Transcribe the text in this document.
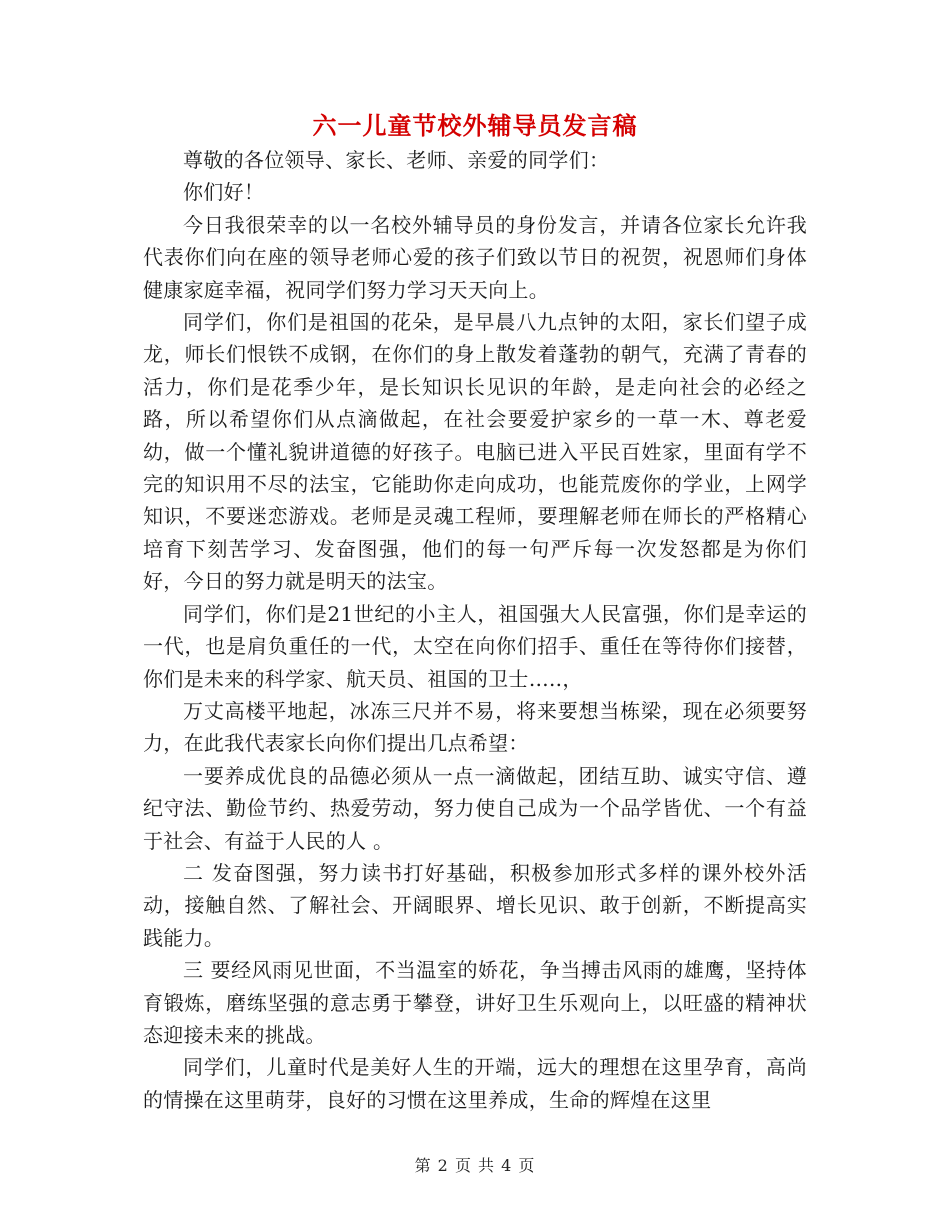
六一儿童节校外辅导员发言稿

尊敬的各位领导、家长、老师、亲爱的同学们：

你们好！

今日我很荣幸的以一名校外辅导员的身份发言，并请各位家长允许我代表你们向在座的领导老师心爱的孩子们致以节日的祝贺，祝恩师们身体健康家庭幸福，祝同学们努力学习天天向上。

同学们，你们是祖国的花朵，是早晨八九点钟的太阳，家长们望子成龙，师长们恨铁不成钢，在你们的身上散发着蓬勃的朝气，充满了青春的活力，你们是花季少年，是长知识长见识的年龄，是走向社会的必经之路，所以希望你们从点滴做起，在社会要爱护家乡的一草一木、尊老爱幼，做一个懂礼貌讲道德的好孩子。电脑已进入平民百姓家，里面有学不完的知识用不尽的法宝，它能助你走向成功，也能荒废你的学业，上网学知识，不要迷恋游戏。老师是灵魂工程师，要理解老师在师长的严格精心培育下刻苦学习、发奋图强，他们的每一句严斥每一次发怒都是为你们好，今日的努力就是明天的法宝。

同学们，你们是21世纪的小主人，祖国强大人民富强，你们是幸运的一代，也是肩负重任的一代，太空在向你们招手、重任在等待你们接替，你们是未来的科学家、航天员、祖国的卫士…..，

万丈高楼平地起，冰冻三尺并不易，将来要想当栋梁，现在必须要努力，在此我代表家长向你们提出几点希望：

一要养成优良的品德必须从一点一滴做起，团结互助、诚实守信、遵纪守法、勤俭节约、热爱劳动，努力使自己成为一个品学皆优、一个有益于社会、有益于人民的人 。

二 发奋图强，努力读书打好基础，积极参加形式多样的课外校外活动，接触自然、了解社会、开阔眼界、增长见识、敢于创新，不断提高实践能力。

三 要经风雨见世面，不当温室的娇花，争当搏击风雨的雄鹰，坚持体育锻炼，磨练坚强的意志勇于攀登，讲好卫生乐观向上，以旺盛的精神状态迎接未来的挑战。

同学们，儿童时代是美好人生的开端，远大的理想在这里孕育，高尚的情操在这里萌芽，良好的习惯在这里养成，生命的辉煌在这里

第 2 页 共 4 页
